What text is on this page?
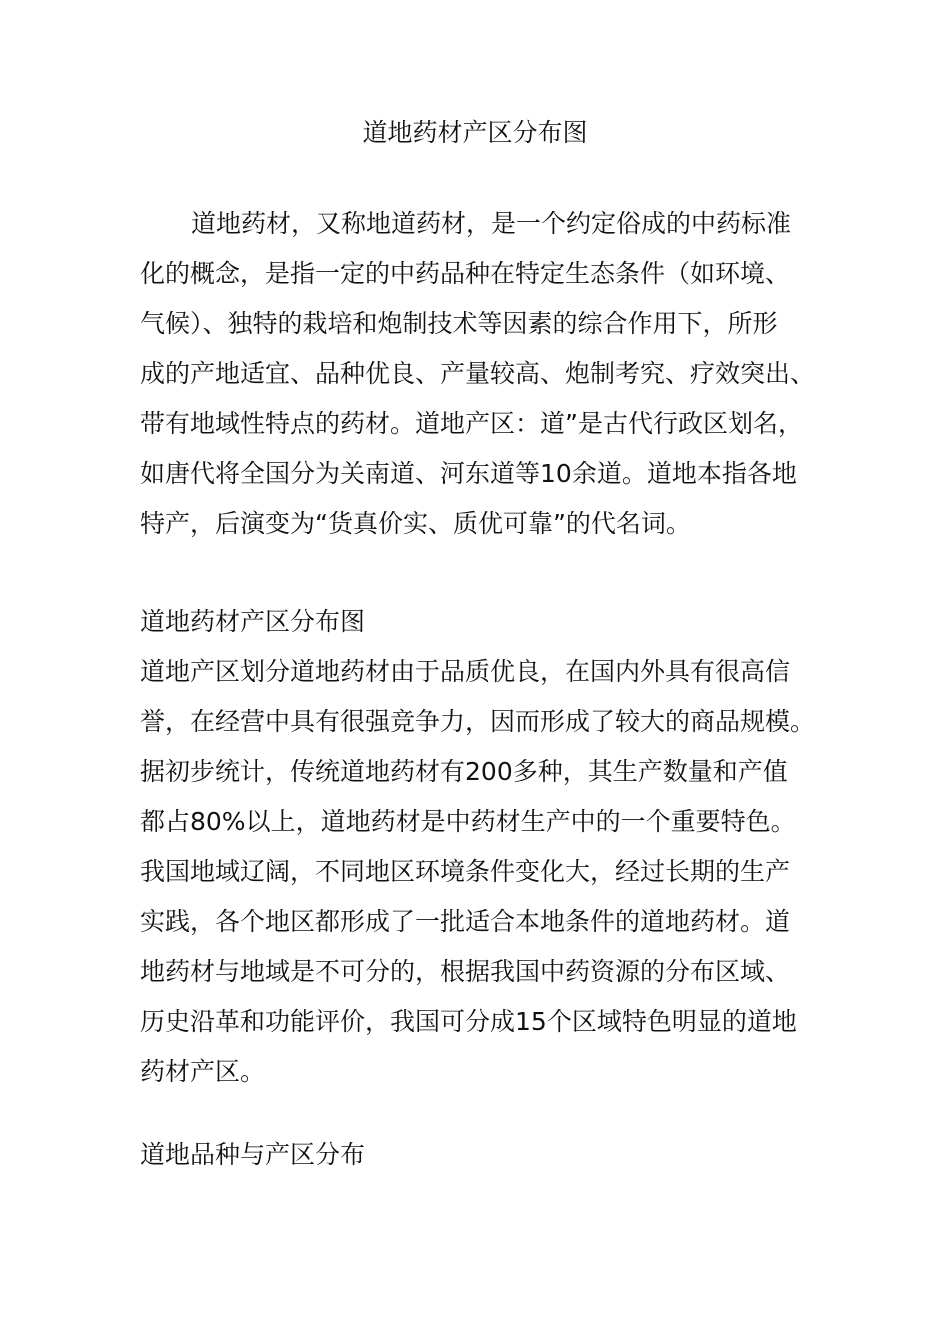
道地药材产区分布图
道地药材，又称地道药材，是一个约定俗成的中药标准
化的概念，是指一定的中药品种在特定生态条件（如环境、
气候）、独特的栽培和炮制技术等因素的综合作用下，所形
成的产地适宜、品种优良、产量较高、炮制考究、疗效突出、
带有地域性特点的药材。道地产区：道”是古代行政区划名，
如唐代将全国分为关南道、河东道等10余道。道地本指各地
特产，后演变为“货真价实、质优可靠”的代名词。
道地药材产区分布图
道地产区划分道地药材由于品质优良，在国内外具有很高信
誉，在经营中具有很强竞争力，因而形成了较大的商品规模。
据初步统计，传统道地药材有200多种，其生产数量和产值
都占80%以上，道地药材是中药材生产中的一个重要特色。
我国地域辽阔，不同地区环境条件变化大，经过长期的生产
实践，各个地区都形成了一批适合本地条件的道地药材。道
地药材与地域是不可分的，根据我国中药资源的分布区域、
历史沿革和功能评价，我国可分成15个区域特色明显的道地
药材产区。
道地品种与产区分布
